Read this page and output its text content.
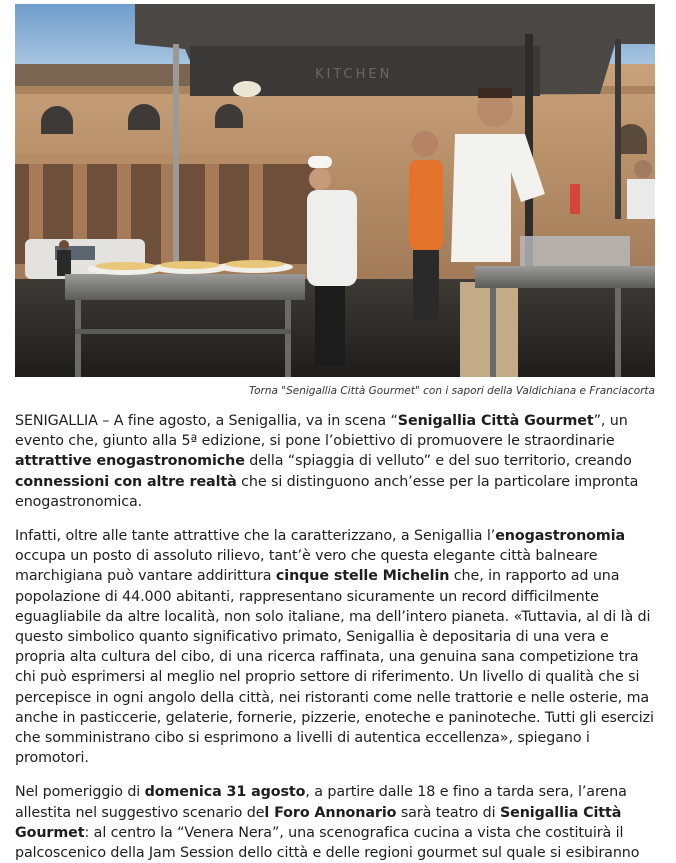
KITCHEN
Torna "Senigallia Città Gourmet" con i sapori della Valdichiana e Franciacorta

SENIGALLIA – A fine agosto, a Senigallia, va in scena “Senigallia Città Gourmet”, un evento che, giunto alla 5ª edizione, si pone l’obiettivo di promuovere le straordinarie attrattive enogastronomiche della “spiaggia di velluto” e del suo territorio, creando connessioni con altre realtà che si distinguono anch’esse per la particolare impronta enogastronomica.

Infatti, oltre alle tante attrattive che la caratterizzano, a Senigallia l’enogastronomia occupa un posto di assoluto rilievo, tant’è vero che questa elegante città balneare marchigiana può vantare addirittura cinque stelle Michelin che, in rapporto ad una popolazione di 44.000 abitanti, rappresentano sicuramente un record difficilmente eguagliabile da altre località, non solo italiane, ma dell’intero pianeta. «Tuttavia, al di là di questo simbolico quanto significativo primato, Senigallia è depositaria di una vera e propria alta cultura del cibo, di una ricerca raffinata, una genuina sana competizione tra chi può esprimersi al meglio nel proprio settore di riferimento. Un livello di qualità che si percepisce in ogni angolo della città, nei ristoranti come nelle trattorie e nelle osterie, ma anche in pasticcerie, gelaterie, fornerie, pizzerie, enoteche e paninoteche. Tutti gli esercizi che somministrano cibo si esprimono a livelli di autentica eccellenza», spiegano i promotori.

Nel pomeriggio di domenica 31 agosto, a partire dalle 18 e fino a tarda sera, l’arena allestita nel suggestivo scenario del Foro Annonario sarà teatro di Senigallia Città Gourmet: al centro la “Venera Nera”, una scenografica cucina a vista che costituirà il palcoscenico della Jam Session dello città e delle regioni gourmet sul quale si esibiranno
